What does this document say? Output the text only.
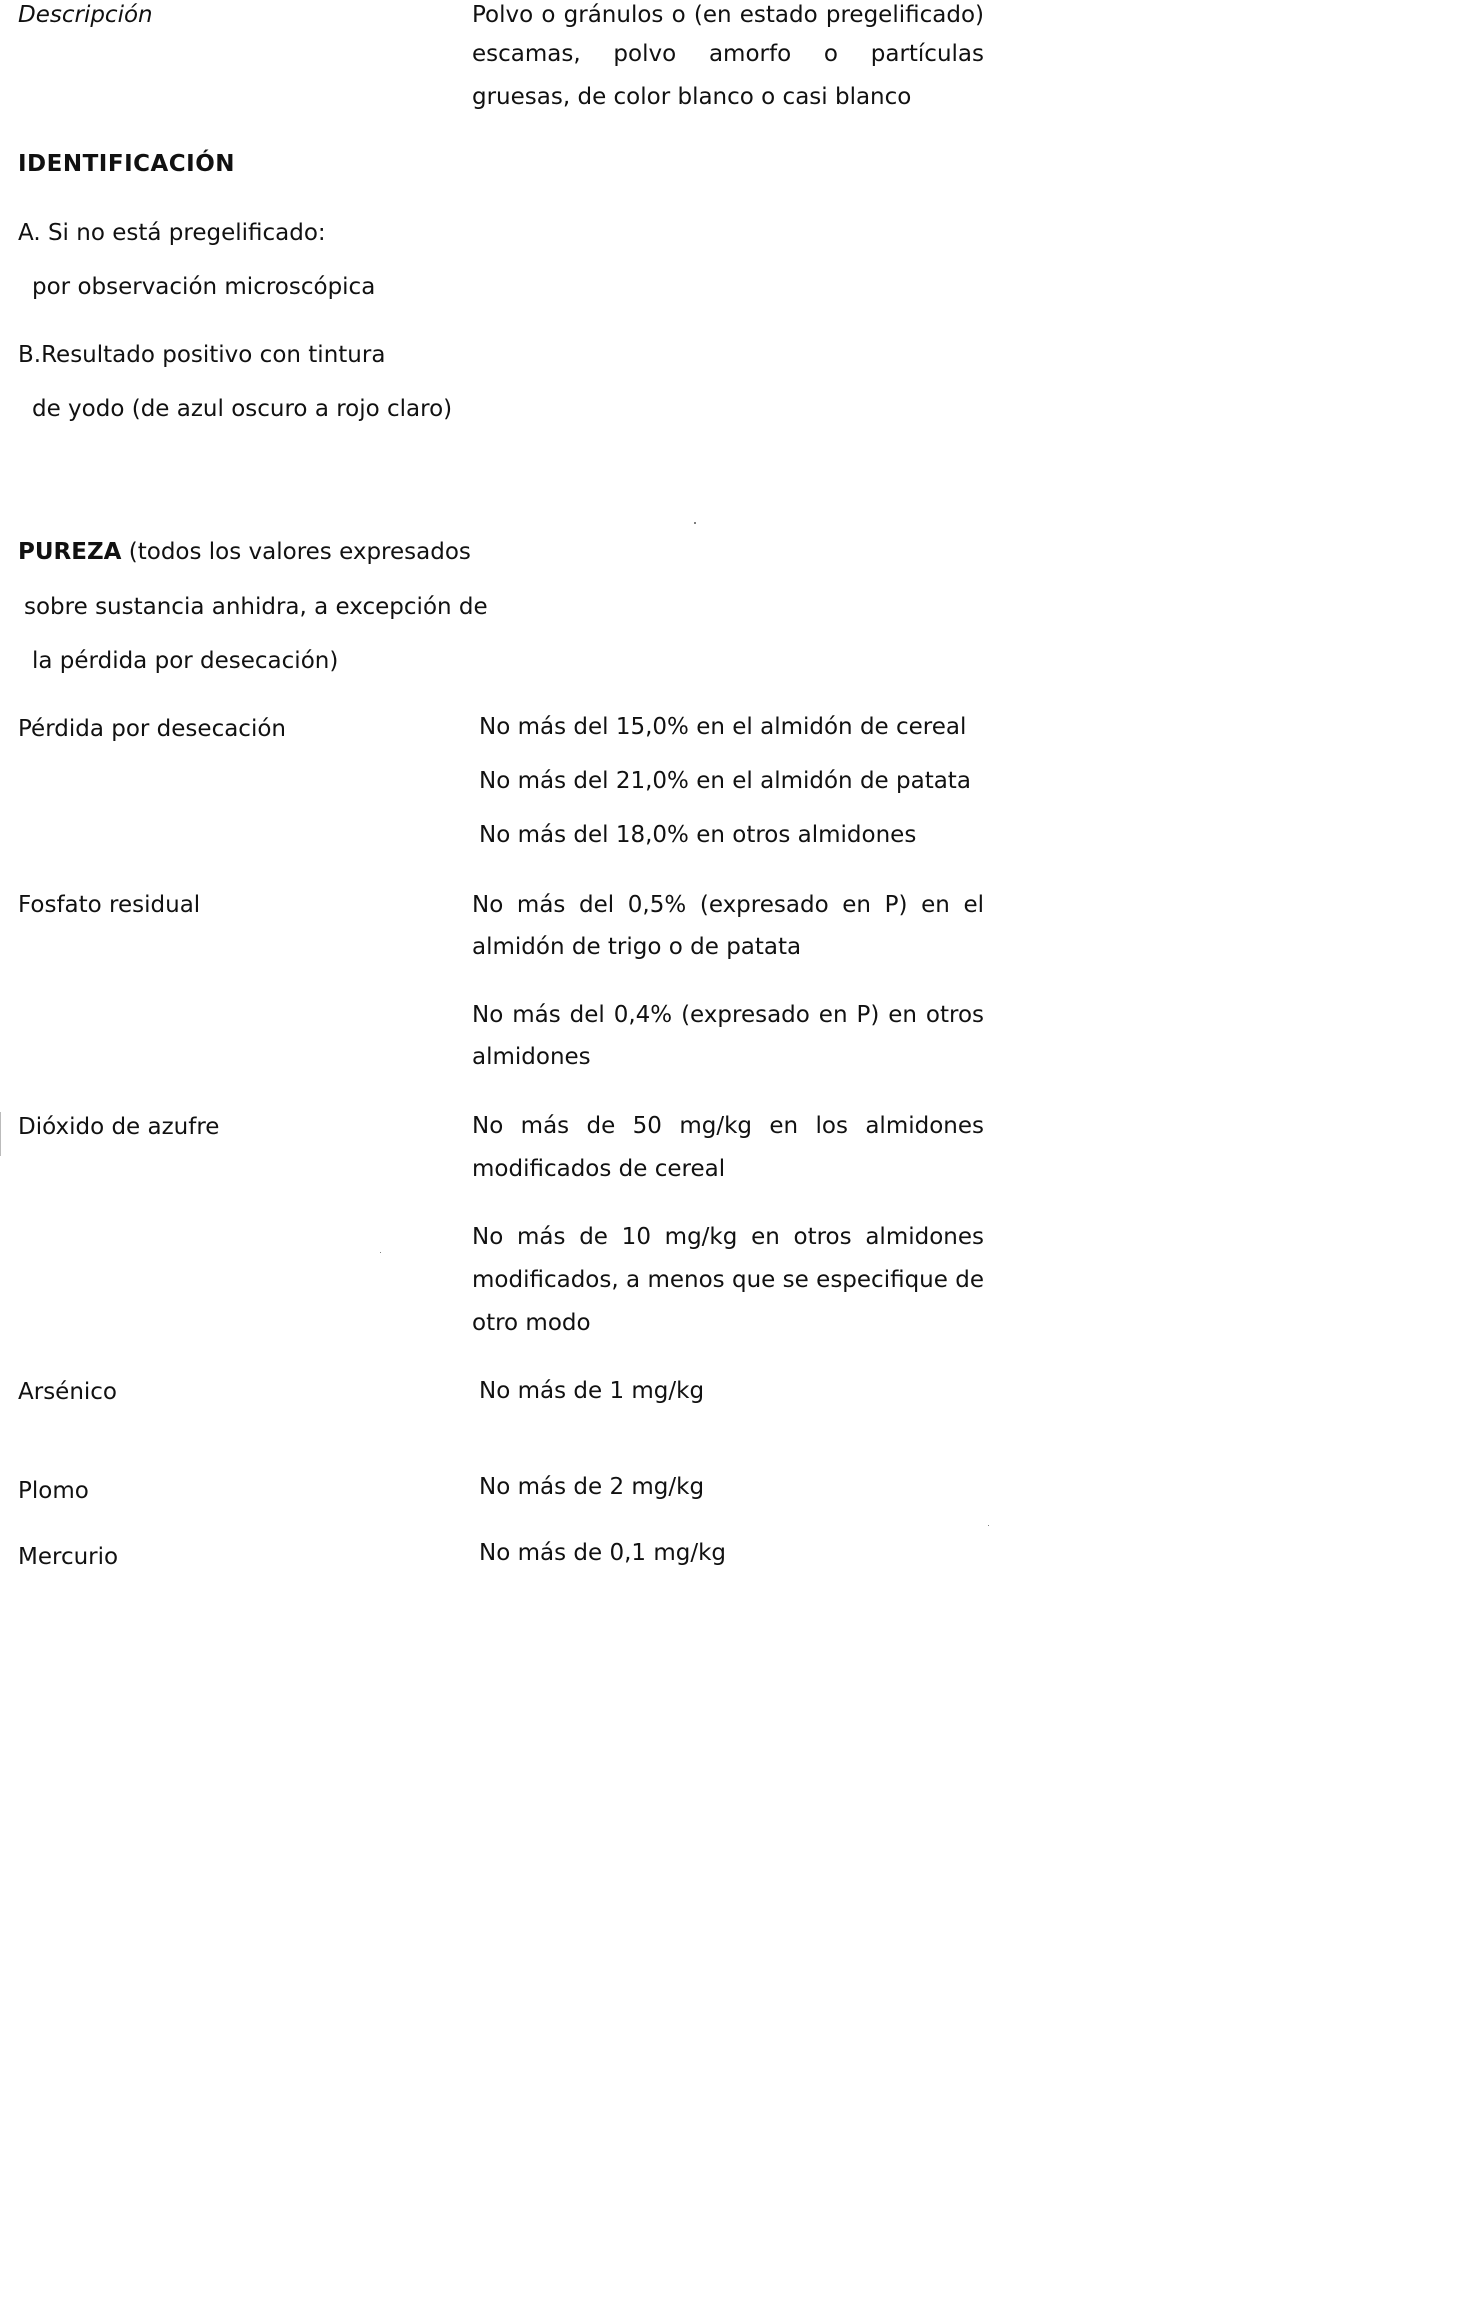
Descripción	Polvo o gránulos o (en estado pregelificado)
escamas, polvo amorfo o partículas
gruesas, de color blanco o casi blanco
IDENTIFICACIÓN
A. Si no está pregelificado:
por observación microscópica
B.Resultado positivo con tintura
de yodo (de azul oscuro a rojo claro)
PUREZA (todos los valores expresados
sobre sustancia anhidra, a excepción de
la pérdida por desecación)
Pérdida por desecación	No más del 15,0% en el almidón de cereal
No más del 21,0% en el almidón de patata
No más del 18,0% en otros almidones
Fosfato residual	No más del 0,5% (expresado en P) en el
almidón de trigo o de patata
No más del 0,4% (expresado en P) en otros
almidones
Dióxido de azufre	No más de 50 mg/kg en los almidones
modificados de cereal
No más de 10 mg/kg en otros almidones
modificados, a menos que se especifique de
otro modo
Arsénico	No más de 1 mg/kg
Plomo	No más de 2 mg/kg
Mercurio	No más de 0,1 mg/kg
